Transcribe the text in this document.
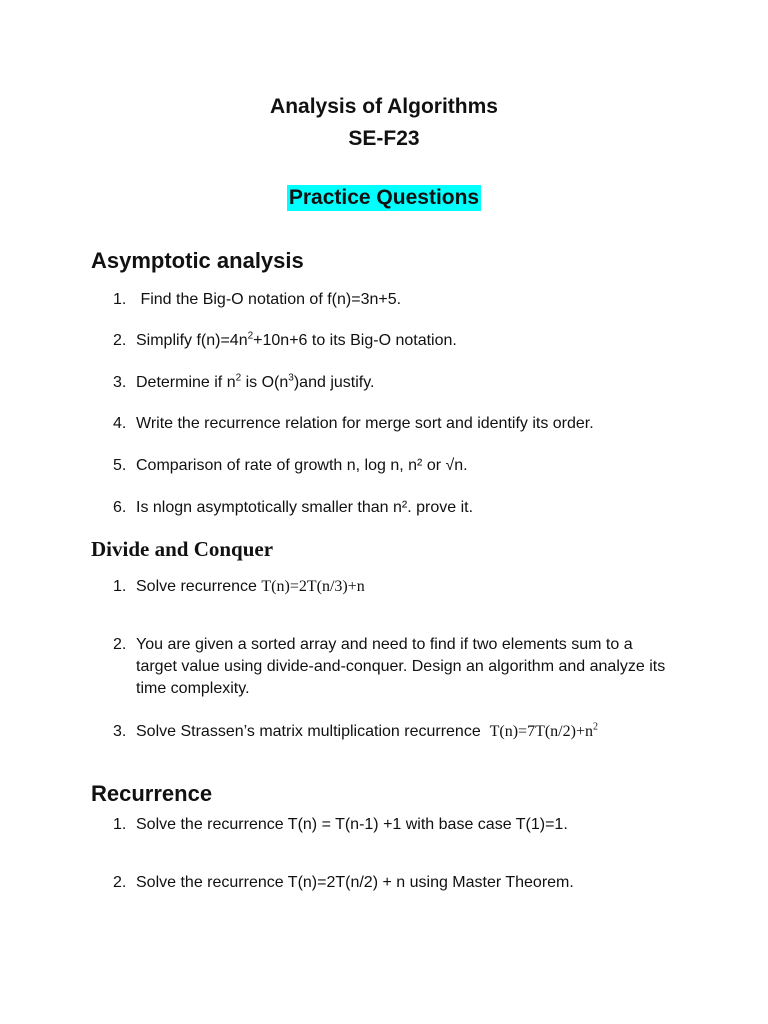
Analysis of Algorithms
SE-F23
Practice Questions
Asymptotic analysis
1. Find the Big-O notation of f(n)=3n+5.
2. Simplify $f(n)=4n^2+10n+6$ to its Big-O notation.
3. Determine if $n^2$ is $O(n^3)and$ justify.
4. Write the recurrence relation for merge sort and identify its order.
5. Comparison of rate of growth n, log n, n² or √n.
6. Is nlogn asymptotically smaller than n². prove it.
Divide and Conquer
1. Solve recurrence T(n)=2T(n/3)+n
2. You are given a sorted array and need to find if two elements sum to a target value using divide-and-conquer. Design an algorithm and analyze its time complexity.
3. Solve Strassen’s matrix multiplication recurrence  $T(n)=7T(n/2)+n^2$
Recurrence
1. Solve the recurrence T(n) = T(n-1) +1 with base case T(1)=1.
2. Solve the recurrence T(n)=2T(n/2) + n using Master Theorem.
